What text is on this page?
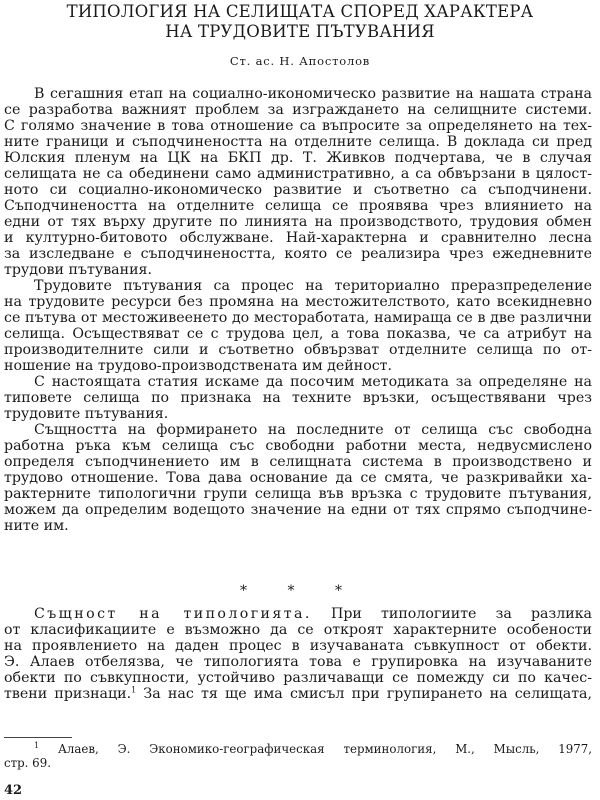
ТИПОЛОГИЯ НА СЕЛИЩАТА СПОРЕД ХАРАКТЕРА
НА ТРУДОВИТЕ ПЪТУВАНИЯ
Ст. ас. Н. Апостолов
В сегашния етап на социално-икономическо развитие на нашата страна
се разработва важният проблем за изграждането на селищните системи.
С голямо значение в това отношение са въпросите за определянето на тех-
ните граници и съподчинеността на отделните селища. В доклада си пред
Юлския пленум на ЦК на БКП др. Т. Живков подчертава, че в случая
селищата не са обединени само административно, а са обвързани в цялост-
ното си социално-икономическо развитие и съответно са съподчинени.
Съподчинеността на отделните селища се проявява чрез влиянието на
едни от тях върху другите по линията на производството, трудовия обмен
и културно-битовото обслужване. Най-характерна и сравнително лесна
за изследване е съподчинеността, която се реализира чрез ежедневните
трудови пътувания.
Трудовите пътувания са процес на териториално преразпределение
на трудовите ресурси без промяна на местожителството, като всекидневно
се пътува от местоживеенето до месторaботата, намираща се в две различни
селища. Осъществяват се с трудова цел, а това показва, че са атрибут на
производителните сили и съответно обвързват отделните селища по от-
ношение на трудово-производствената им дейност.
С настоящата статия искаме да посочим методиката за определяне на
типовете селища по признака на техните връзки, осъществявани чрез
трудовите пътувания.
Същността на формирането на последните от селища със свободна
работна ръка към селища със свободни работни места, недвусмислено
определя съподчинението им в селищната система в производствено и
трудово отношение. Това дава основание да се смята, че разкривайки ха-
рактерните типологични групи селища във връзка с трудовите пътувания,
можем да определим водещото значение на едни от тях спрямо съподчине-
ните им.
* * *
Същност на типологията. При типологиите за разлика
от класификациите е възможно да се откроят характерните особености
на проявлението на даден процес в изучаваната съвкупност от обекти.
Э. Алаев отбелязва, че типологията това е групировка на изучаваните
обекти по съвкупности, устойчиво различаващи се помежду си по качес-
твени признаци.$^1$ За нас тя ще има смисъл при групирането на селищата,
$^1$ Алаев, Э. Экономико-географическая терминология, М., Мысль, 1977,
стр. 69.
42
